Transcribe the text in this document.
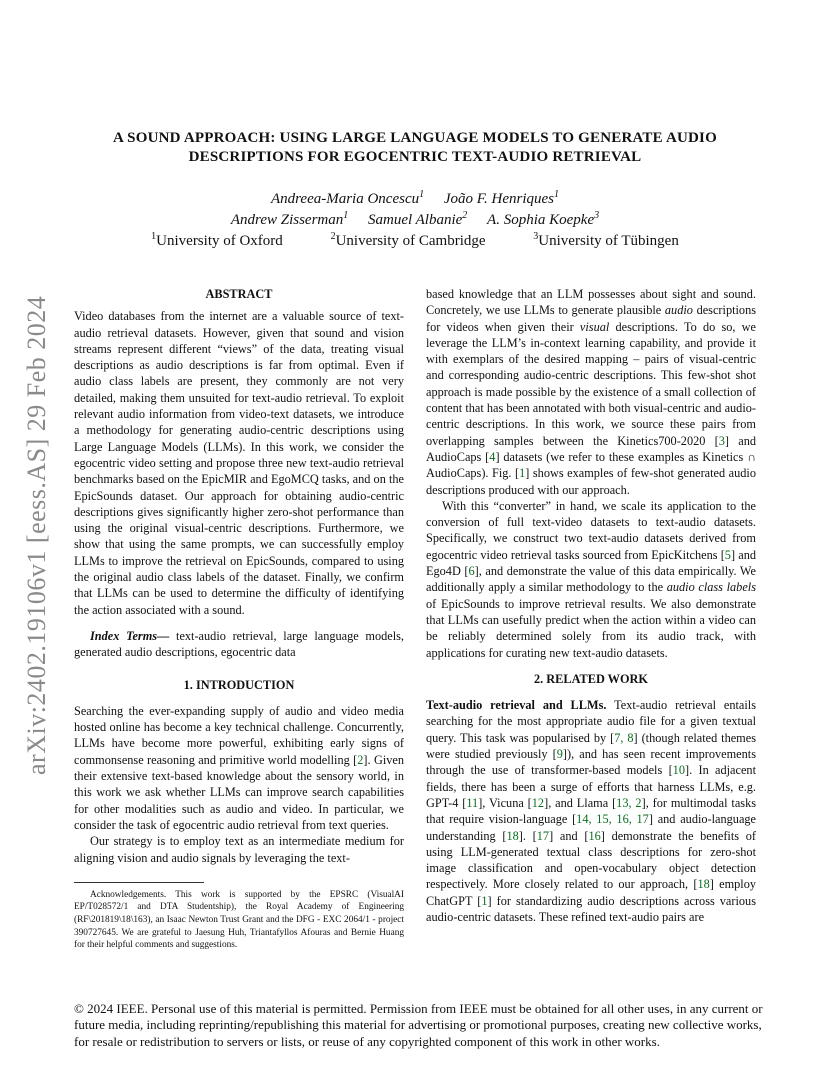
arXiv:2402.19106v1 [eess.AS] 29 Feb 2024
A SOUND APPROACH: USING LARGE LANGUAGE MODELS TO GENERATE AUDIO
DESCRIPTIONS FOR EGOCENTRIC TEXT-AUDIO RETRIEVAL
Andreea-Maria Oncescu$^1$ João F. Henriques$^1$
Andrew Zisserman$^1$ Samuel Albanie$^2$ A. Sophia Koepke$^3$
$^1$University of Oxford	$^2$University of Cambridge	$^3$University of Tübingen

ABSTRACT

Video databases from the internet are a valuable source of text-audio retrieval datasets. However, given that sound and vision streams represent different “views” of the data, treating visual descriptions as audio descriptions is far from optimal. Even if audio class labels are present, they commonly are not very detailed, making them unsuited for text-audio retrieval. To exploit relevant audio information from video-text datasets, we introduce a methodology for generating audio-centric descriptions using Large Language Models (LLMs). In this work, we consider the egocentric video setting and propose three new text-audio retrieval benchmarks based on the EpicMIR and EgoMCQ tasks, and on the EpicSounds dataset. Our approach for obtaining audio-centric descriptions gives significantly higher zero-shot performance than using the original visual-centric descriptions. Furthermore, we show that using the same prompts, we can successfully employ LLMs to improve the retrieval on EpicSounds, compared to using the original audio class labels of the dataset. Finally, we confirm that LLMs can be used to determine the difficulty of identifying the action associated with a sound.

Index Terms— text-audio retrieval, large language models, generated audio descriptions, egocentric data

1. INTRODUCTION

Searching the ever-expanding supply of audio and video media hosted online has become a key technical challenge. Concurrently, LLMs have become more powerful, exhibiting early signs of commonsense reasoning and primitive world modelling [ 2 ] . Given their extensive text-based knowledge about the sensory world, in this work we ask whether LLMs can improve search capabilities for other modalities such as audio and video. In particular, we consider the task of egocentric audio retrieval from text queries.

Our strategy is to employ text as an intermediate medium for aligning vision and audio signals by leveraging the text-

Acknowledgements. This work is supported by the EPSRC (VisualAI EP/T028572/1 and DTA Studentship), the Royal Academy of Engineering (RF\201819\18\163), an Isaac Newton Trust Grant and the DFG - EXC 2064/1 - project 390727645. We are grateful to Jaesung Huh, Triantafyllos Afouras and Bernie Huang for their helpful comments and suggestions.

based knowledge that an LLM possesses about sight and sound. Concretely, we use LLMs to generate plausible audio descriptions for videos when given their visual descriptions. To do so, we leverage the LLM’s in-context learning capability, and provide it with exemplars of the desired mapping – pairs of visual-centric and corresponding audio-centric descriptions. This few-shot shot approach is made possible by the existence of a small collection of content that has been annotated with both visual-centric and audio-centric descriptions. In this work, we source these pairs from overlapping samples between the Kinetics700-2020 [ 3 ] and AudioCaps [ 4 ] datasets (we refer to these examples as Kinetics ∩ AudioCaps). Fig. [ 1 ] shows examples of few-shot generated audio descriptions produced with our approach.

With this “converter” in hand, we scale its application to the conversion of full text-video datasets to text-audio datasets. Specifically, we construct two text-audio datasets derived from egocentric video retrieval tasks sourced from EpicKitchens [ 5 ] and Ego4D [ 6 ] , and demonstrate the value of this data empirically. We additionally apply a similar methodology to the audio class labels of EpicSounds to improve retrieval results. We also demonstrate that LLMs can usefully predict when the action within a video can be reliably determined solely from its audio track, with applications for curating new text-audio datasets.

2. RELATED WORK

Text-audio retrieval and LLMs. Text-audio retrieval entails searching for the most appropriate audio file for a given textual query. This task was popularised by [ 7, 8 ] (though related themes were studied previously [ 9 ] ), and has seen recent improvements through the use of transformer-based models [ 10 ] . In adjacent fields, there has been a surge of efforts that harness LLMs, e.g. GPT-4 [ 11 ] , Vicuna [ 12 ] , and Llama [ 13, 2 ] , for multimodal tasks that require vision-language [ 14, 15, 16, 17 ] and audio-language understanding [ 18 ] . [ 17 ] and [ 16 ] demonstrate the benefits of using LLM-generated textual class descriptions for zero-shot image classification and open-vocabulary object detection respectively. More closely related to our approach, [ 18 ] employ ChatGPT [ 1 ] for standardizing audio descriptions across various audio-centric datasets. These refined text-audio pairs are

© 2024 IEEE. Personal use of this material is permitted. Permission from IEEE must be obtained for all other uses, in any current or future media, including reprinting/republishing this material for advertising or promotional purposes, creating new collective works, for resale or redistribution to servers or lists, or reuse of any copyrighted component of this work in other works.
